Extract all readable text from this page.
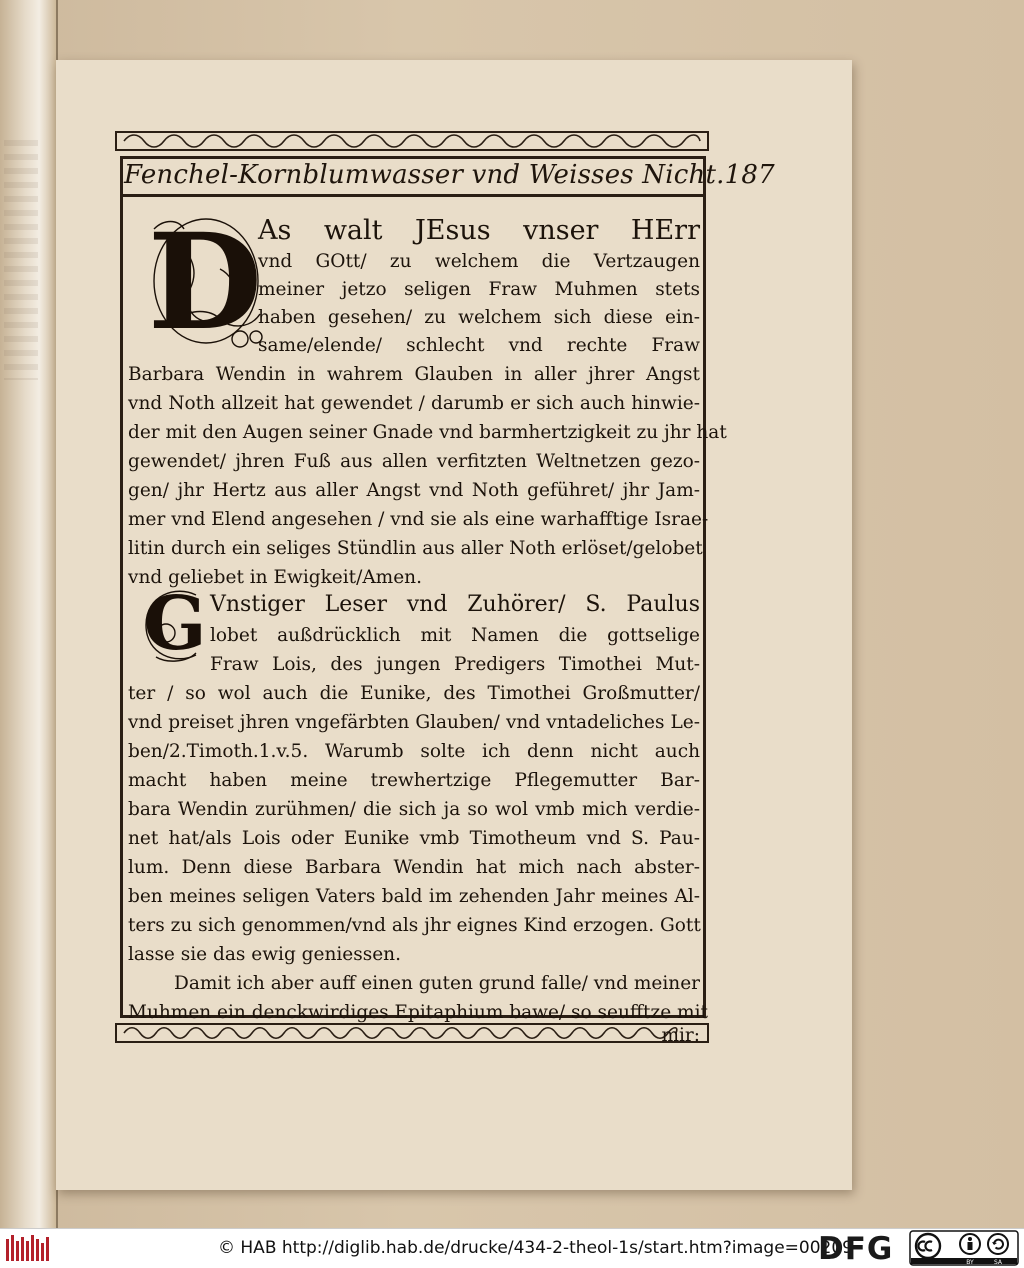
Fenchel-Kornblumwasser vnd Weisses Nicht. 187
D
G
As walt JEsus vnser HErr
vnd GOtt/ zu welchem die Vertzaugen
meiner jetzo seligen Fraw Muhmen stets
haben gesehen/ zu welchem sich diese ein-
same/elende/ schlecht vnd rechte Fraw
Barbara Wendin in wahrem Glauben in aller jhrer Angst
vnd Noth allzeit hat gewendet / darumb er sich auch hinwie-
der mit den Augen seiner Gnade vnd barmhertzigkeit zu jhr hat
gewendet/ jhren Fuß aus allen verfitzten Weltnetzen gezo-
gen/ jhr Hertz aus aller Angst vnd Noth geführet/ jhr Jam-
mer vnd Elend angesehen / vnd sie als eine warhafftige Israe-
litin durch ein seliges Stündlin aus aller Noth erlöset/gelobet
vnd geliebet in Ewigkeit/Amen.
Vnstiger Leser vnd Zuhörer/ S. Paulus
lobet außdrücklich mit Namen die gottselige
Fraw Lois, des jungen Predigers Timothei Mut-
ter / so wol auch die Eunike, des Timothei Großmutter/
vnd preiset jhren vngefärbten Glauben/ vnd vntadeliches Le-
ben/2.Timoth.1.v.5. Warumb solte ich denn nicht auch
macht haben meine trewhertzige Pflegemutter Bar-
bara Wendin zurühmen/ die sich ja so wol vmb mich verdie-
net hat/als Lois oder Eunike vmb Timotheum vnd S. Pau-
lum. Denn diese Barbara Wendin hat mich nach abster-
ben meines seligen Vaters bald im zehenden Jahr meines Al-
ters zu sich genommen/vnd als jhr eignes Kind erzogen. Gott
lasse sie das ewig geniessen.
Damit ich aber auff einen guten grund falle/ vnd meiner
Muhmen ein denckwirdiges Epitaphium bawe/ so seufftze mit
mir:
© HAB http://diglib.hab.de/drucke/434-2-theol-1s/start.htm?image=00209
DFG	BY	SA
